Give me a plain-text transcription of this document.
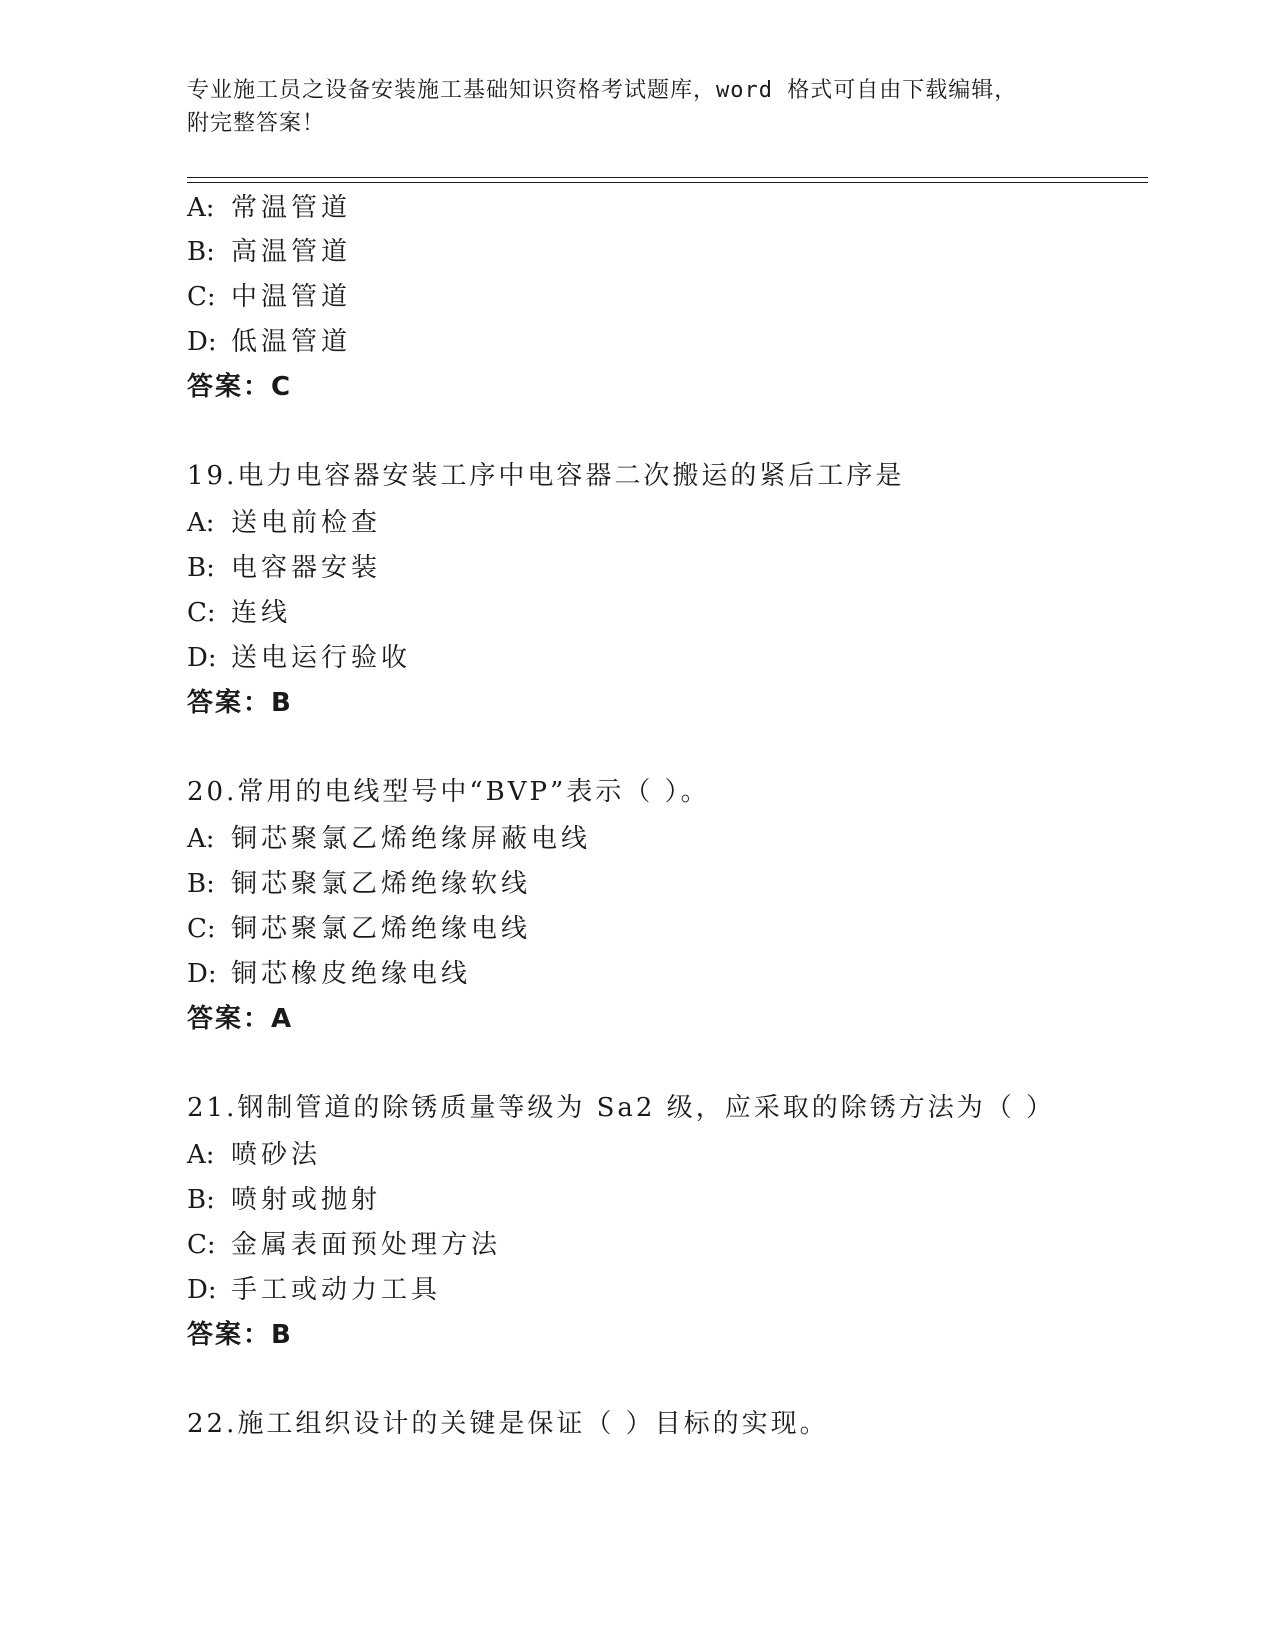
专业施工员之设备安装施工基础知识资格考试题库，word 格式可自由下载编辑，
附完整答案！
A: 常温管道
B: 高温管道
C: 中温管道
D: 低温管道
答案：C
19.电力电容器安装工序中电容器二次搬运的紧后工序是
A: 送电前检查
B: 电容器安装
C: 连线
D: 送电运行验收
答案：B
20.常用的电线型号中“BVP”表示（ ）。
A: 铜芯聚氯乙烯绝缘屏蔽电线
B: 铜芯聚氯乙烯绝缘软线
C: 铜芯聚氯乙烯绝缘电线
D: 铜芯橡皮绝缘电线
答案：A
21.钢制管道的除锈质量等级为 Sa2 级，应采取的除锈方法为（ ）
A: 喷砂法
B: 喷射或抛射
C: 金属表面预处理方法
D: 手工或动力工具
答案：B
22.施工组织设计的关键是保证（ ）目标的实现。
